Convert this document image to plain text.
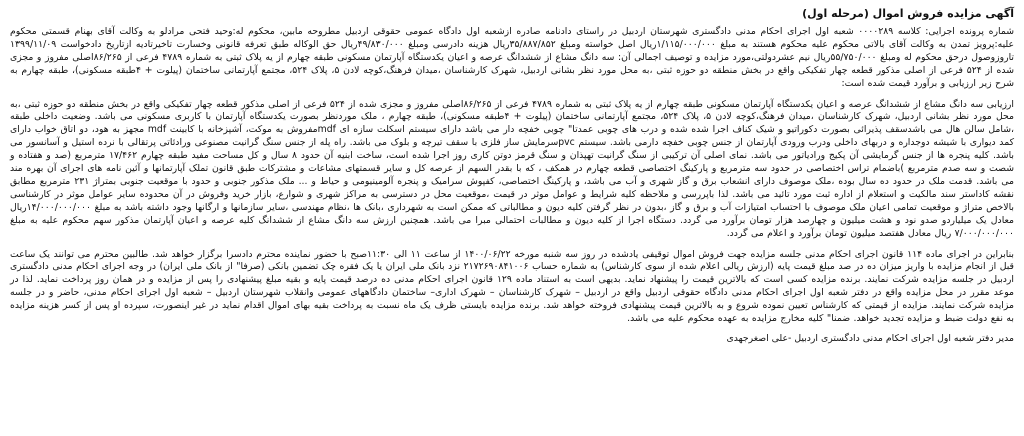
آگهی مزایده فروش اموال (مرحله اول)

شماره پرونده اجرایی: کلاسه ۰۰۰۰۲۸۹ شعبه اول اجرای احکام مدنی دادگستری شهرستان اردبیل در راستای دادنامه صادره ازشعبه اول دادگاه عمومی حقوقی اردبیل مطروحه مابین، محکوم له:وحید فتحی مرادلو به وکالت آقای بهنام قسمتی محکوم علیه:پرویز تمدن به وکالت آقای بالاتی محکوم علیه محکوم هستند به مبلغ ۱/۱۱۵/۰۰۰/۰۰۰ریال اصل خواسته ومبلغ ۳۵/۸۸۷/۸۵۲ریال هزینه دادرسی ومبلغ ۴۹/۸۳۰/۰۰۰ریال حق الوکاله طبق تعرفه قانونی وخسارت تاخیرتادیه ازتاریخ دادخواست ۱۳۹۹/۱۱/۰۹ تاروزوصول درحق محکوم له ومبلغ ۵۵/۷۵۰/۰۰۰ریال نیم عشردولتی،مورد مزایده و توصیف اجمالی آن: سه دانگ مشاع از ششدانگ عرصه و اعیان یکدستگاه آپارتمان مسکونی طبقه چهارم از یه پلاک ثبتی به شماره ۴۷۸۹ فرعی از ۸۶/۲۶۵اصلی مفروز و مجزی شده از ۵۲۴ فرعی از اصلی مذکور قطعه چهار تفکیکی واقع در بخش منطقه دو حوزه ثبتی ،به محل مورد نظر بشانی اردبیل، شهرک کارشناسان ،میدان فرهنگ،کوچه لادن ۵، پلاک ۵۲۴، مجتمع آپارتمانی ساختمان (پیلوت + ۴طبقه مسکونی)، طبقه چهارم به شرح زیر ارزیابی و برآورد قیمت شده است:

ارزیابی سه دانگ مشاع از ششدانگ عرصه و اعیان یکدستگاه آپارتمان مسکونی طبقه چهارم از یه پلاک ثبتی به شماره ۴۷۸۹ فرعی از ۸۶/۲۶۵اصلی مفروز و مجزی شده از ۵۲۴ فرعی از اصلی مذکور قطعه چهار تفکیکی واقع در بخش منطقه دو حوزه ثبتی ،به محل مورد نظر بشانی اردبیل، شهرک کارشناسان ،میدان فرهنگ،کوچه لادن ۵، پلاک ۵۲۴، مجتمع آپارتمانی ساختمان (پیلوت + ۴طبقه مسکونی)، طبقه چهارم ، ملک موردنظر بصورت یکدستگاه آپارتمان با کاربری مسکونی می باشد. وضعیت داخلی طبقه ،شامل سالن هال می باشدسقف پذیرائی بصورت دکوراتیو و شیک کناف اجرا شده شده و درب های چوبی عمدتا" چوبی خفچه دار می باشد دارای سیستم اسکلت سازه ای mdfمفروش به موکت، آشپزخانه با کابینت mdf مجهز به هود، دو اتاق خواب دارای کمد دیواری با شیشه دوجداره و دربهای داخلی ودرب ورودی آپارتمان از جنس چوبی خفچه دارمی باشد. سیستم pvcسرمایش ساز فلزی با سقف تیرچه و بلوک می باشد. راه پله از جنس سنگ گرانیت مصنوعی ورادئاتی پرتقالی با نرده استیل و آسانسور می باشد. کلیه پنجره ها از جنس گرمایشی آن پکیج ورادیاتور می باشد. نمای اصلی آن ترکیبی از سنگ گرانیت تهپذان و سنگ قرمز دوتن کاری روز اجرا شده است، ساخت ابنیه آن حدود ۸ سال و کل مساحت مفید طبقه چهارم ۱۷/۴۶۲ مترمربع (صد و هفتاده و شصت و سه صدم مترمربع )باضمام تراس اختصاصی در حدود سه مترمربع و پارکینگ اختصاصی قطعه چهارم در همکف ، که با بقدر السهم از عرصه کل و سایر قسمتهای مشاعات و مشترکات طبق قانون تملک آپارتمانها و آئین نامه های اجرای آن بهره مند می باشد. قدمت ملک در حدود ده سال بوده ،ملک موصوف دارای انشعاب برق و گاز شهری و آب می باشد، و پارکینگ اختصاصی، کفپوش سرامیک و پنجره آلومینیومی و حیاط و ... ملک مذکور جنوبی و حدود با موقعیت جنوبی بمتراژ ۲۳۱ مترمربع مطابق نقشه کاداستر سند مالکیت و استعلام از اداره ثبت مورد تائید می باشد. لذا باپررسی و ملاحظه کلیه شرایط و عوامل موثر در قیمت ،موقعیت محل در دسترسی به مراکز شهری و شوارع، بازار خرید وفروش در آن محدوده سایر عوامل موثر در کارشناسی بالاخص متراژ و موقعیت تمامی اعیان ملک موصوف با احتساب امتیازات آب و برق و گاز ،بدون در نظر گرفتن کلیه دیون و مطالباتی که ممکن است به شهرداری ،بانک ها ،نظام مهندسی ،سایر سازمانها و ارگانها وجود داشته باشد به مبلغ ۱۴/۰۰۰/۰۰۰/۰۰۰ریال معادل یک میلیاردو صدو نود و هشت میلیون و چهارصد هزار تومان برآورد می گردد. دستگاه اجرا از کلیه دیون و مطالبات احتمالی مبرا می باشد. همچنین ارزش سه دانگ مشاع از ششدانگ کلیه عرصه و اعیان آپارتمان مذکور سهم محکوم علیه به مبلغ ۷/۰۰۰/۰۰۰/۰۰۰ ریال معادل هفتصد میلیون تومان برآورد و اعلام می گردد.

بنابراین در اجرای ماده ۱۱۴ قانون اجرای احکام مدنی جلسه مزایده جهت فروش اموال توقیفی یادشده در روز سه شنبه مورخه ۱۴۰۰/۰۶/۲۲ از ساعت ۱۱ الی ۱۱:۳۰صبح با حضور نماینده محترم دادسرا برگزار خواهد شد. طالبین محترم می توانند یک ساعت قبل از انجام مزایده با واریز میزان ده در صد مبلغ قیمت پایه (ارزش ریالی اعلام شده از سوی کارشناس) به شماره حساب ۲۱۷۲۶۹۰۸۴۱۰۰۶ نزد بانک ملی ایران یا یک فقره چک تضمین بانکی (صرفا" از بانک ملی ایران) در وجه اجرای احکام مدنی دادگستری اردبیل در جلسه مزایده شرکت نمایند. برنده مزایده کسی است که بالاترین قیمت را پیشنهاد نماید. بدیهی است به استناد ماده ۱۲۹ قانون اجرای احکام مدنی ده درصد قیمت پایه و بقیه مبلغ پیشنهادی را پس از مزایده و در همان روز پرداخت نماید. لذا در موعد مقرر در محل مزایده واقع در دفتر شعبه اول اجرای احکام مدنی دادگاه حقوقی اردبیل واقع در اردبیل – شهرک کارشناسان – شهرک اداری– ساختمان دادگاههای عمومی وانقلاب شهرستان اردبیل – شعبه اول اجرای احکام مدنی، حاضر و در جلسه مزایده شرکت نمایند. مزایده از قیمتی که کارشناس تعیین نموده شروع و به بالاترین قیمت پیشنهادی فروخته خواهد شد. برنده مزایده بایستی ظرف یک ماه نسبت به پرداخت بقیه بهای اموال اقدام نماید در غیر اینصورت، سپرده او پس از کسر هزینه مزایده به نفع دولت ضبط و مزایده تجدید خواهد. ضمنا" کلیه مخارج مزایده به عهده محکوم علیه می باشد.

مدیر دفتر شعبه اول اجرای احکام مدنی دادگستری اردبیل -علی اصغرجهدی
